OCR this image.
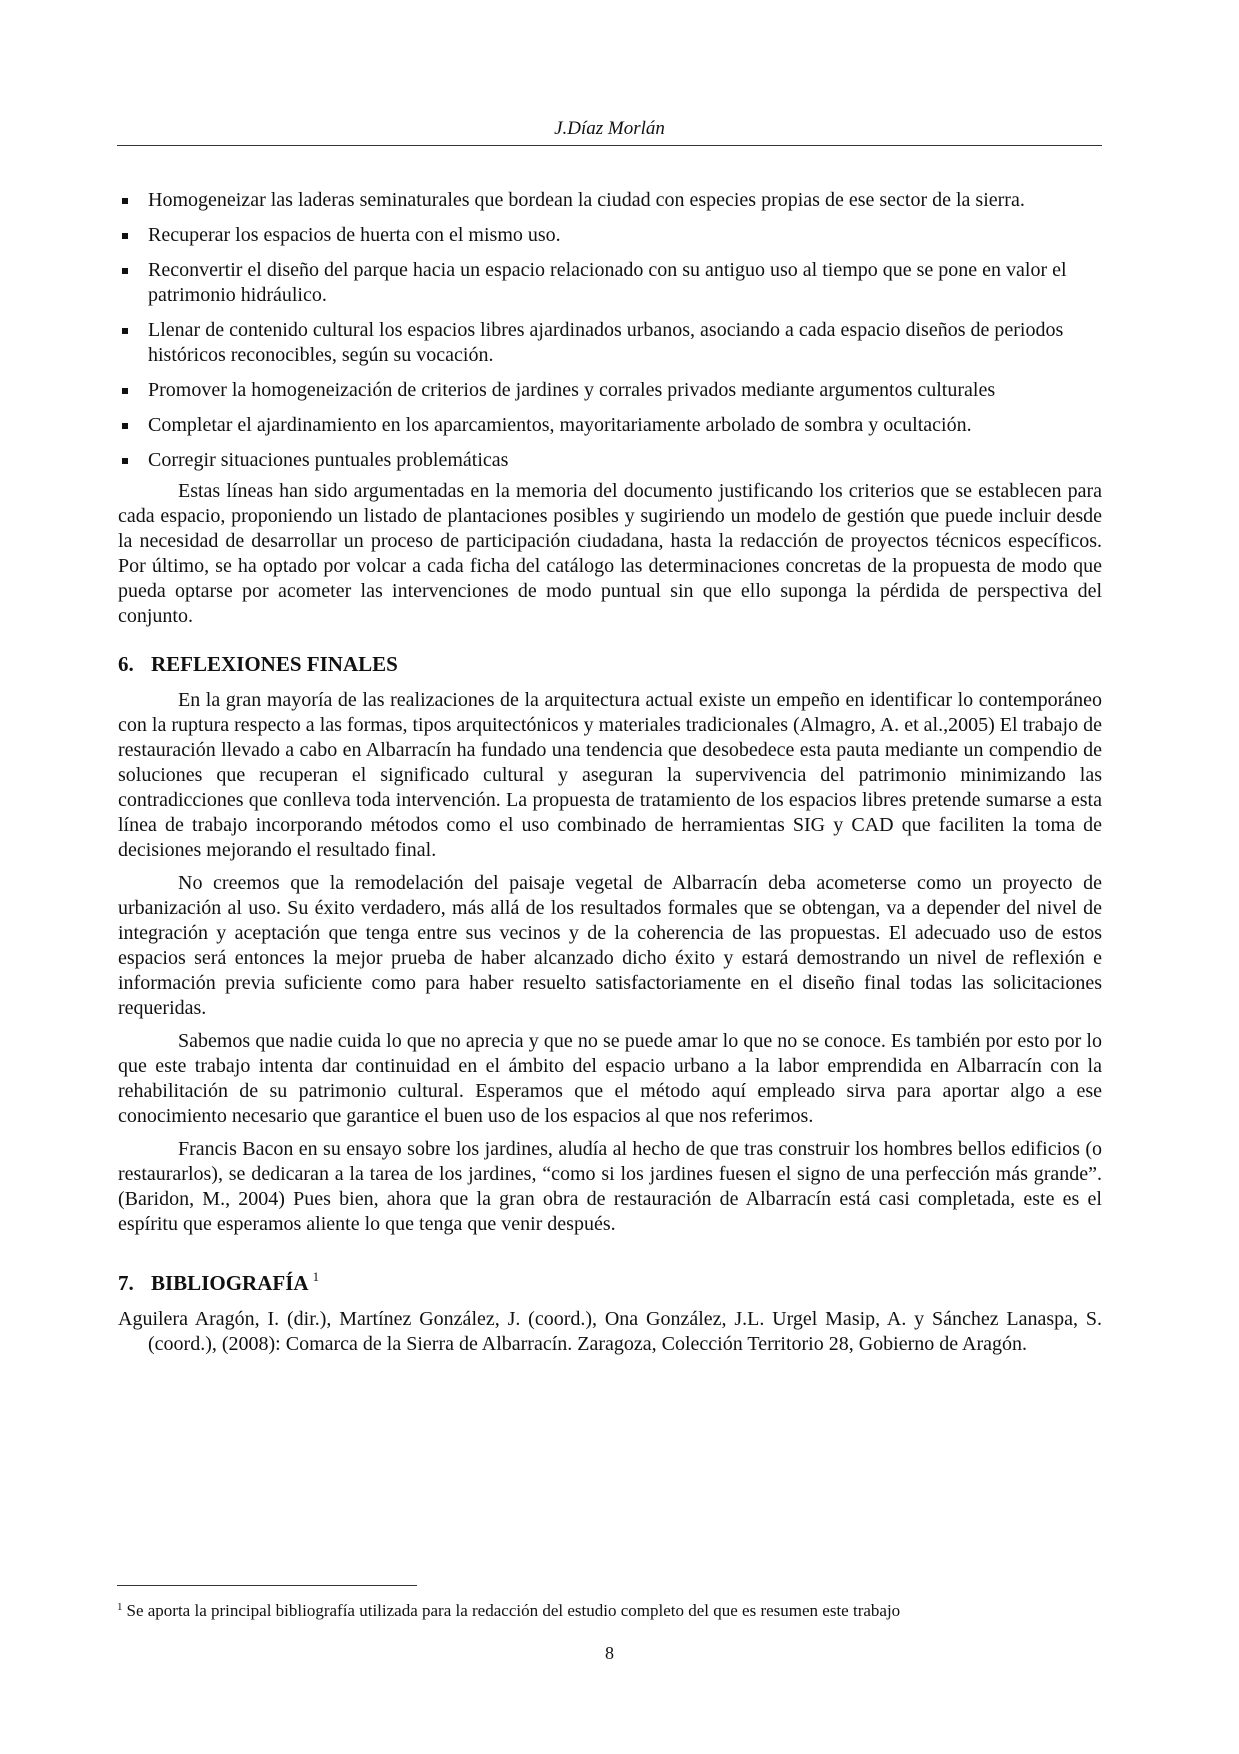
J.Díaz Morlán
Homogeneizar las laderas seminaturales que bordean la ciudad con especies propias de ese sector de la sierra.
Recuperar los espacios de huerta con el mismo uso.
Reconvertir el diseño del parque hacia un espacio relacionado con su antiguo uso al tiempo que se pone en valor el patrimonio hidráulico.
Llenar de contenido cultural los espacios libres ajardinados urbanos, asociando a cada espacio diseños de periodos históricos reconocibles, según su vocación.
Promover la homogeneización de criterios de jardines y corrales privados mediante argumentos culturales
Completar el ajardinamiento en los aparcamientos, mayoritariamente arbolado de sombra y ocultación.
Corregir situaciones puntuales problemáticas

Estas líneas han sido argumentadas en la memoria del documento justificando los criterios que se establecen para cada espacio, proponiendo un listado de plantaciones posibles y sugiriendo un modelo de gestión que puede incluir desde la necesidad de desarrollar un proceso de participación ciudadana, hasta la redacción de proyectos técnicos específicos. Por último, se ha optado por volcar a cada ficha del catálogo las determinaciones concretas de la propuesta de modo que pueda optarse por acometer las intervenciones de modo puntual sin que ello suponga la pérdida de perspectiva del conjunto.

6. REFLEXIONES FINALES

En la gran mayoría de las realizaciones de la arquitectura actual existe un empeño en identificar lo contemporáneo con la ruptura respecto a las formas, tipos arquitectónicos y materiales tradicionales (Almagro, A. et al.,2005) El trabajo de restauración llevado a cabo en Albarracín ha fundado una tendencia que desobedece esta pauta mediante un compendio de soluciones que recuperan el significado cultural y aseguran la supervivencia del patrimonio minimizando las contradicciones que conlleva toda intervención. La propuesta de tratamiento de los espacios libres pretende sumarse a esta línea de trabajo incorporando métodos como el uso combinado de herramientas SIG y CAD que faciliten la toma de decisiones mejorando el resultado final.

No creemos que la remodelación del paisaje vegetal de Albarracín deba acometerse como un proyecto de urbanización al uso. Su éxito verdadero, más allá de los resultados formales que se obtengan, va a depender del nivel de integración y aceptación que tenga entre sus vecinos y de la coherencia de las propuestas. El adecuado uso de estos espacios será entonces la mejor prueba de haber alcanzado dicho éxito y estará demostrando un nivel de reflexión e información previa suficiente como para haber resuelto satisfactoriamente en el diseño final todas las solicitaciones requeridas.

Sabemos que nadie cuida lo que no aprecia y que no se puede amar lo que no se conoce. Es también por esto por lo que este trabajo intenta dar continuidad en el ámbito del espacio urbano a la labor emprendida en Albarracín con la rehabilitación de su patrimonio cultural. Esperamos que el método aquí empleado sirva para aportar algo a ese conocimiento necesario que garantice el buen uso de los espacios al que nos referimos.

Francis Bacon en su ensayo sobre los jardines, aludía al hecho de que tras construir los hombres bellos edificios (o restaurarlos), se dedicaran a la tarea de los jardines, “como si los jardines fuesen el signo de una perfección más grande”. (Baridon, M., 2004) Pues bien, ahora que la gran obra de restauración de Albarracín está casi completada, este es el espíritu que esperamos aliente lo que tenga que venir después.

7. BIBLIOGRAFÍA $^1$

Aguilera Aragón, I. (dir.), Martínez González, J. (coord.), Ona González, J.L. Urgel Masip, A. y Sánchez Lanaspa, S. (coord.), (2008): Comarca de la Sierra de Albarracín. Zaragoza, Colección Territorio 28, Gobierno de Aragón.

$^1$ Se aporta la principal bibliografía utilizada para la redacción del estudio completo del que es resumen este trabajo
8
